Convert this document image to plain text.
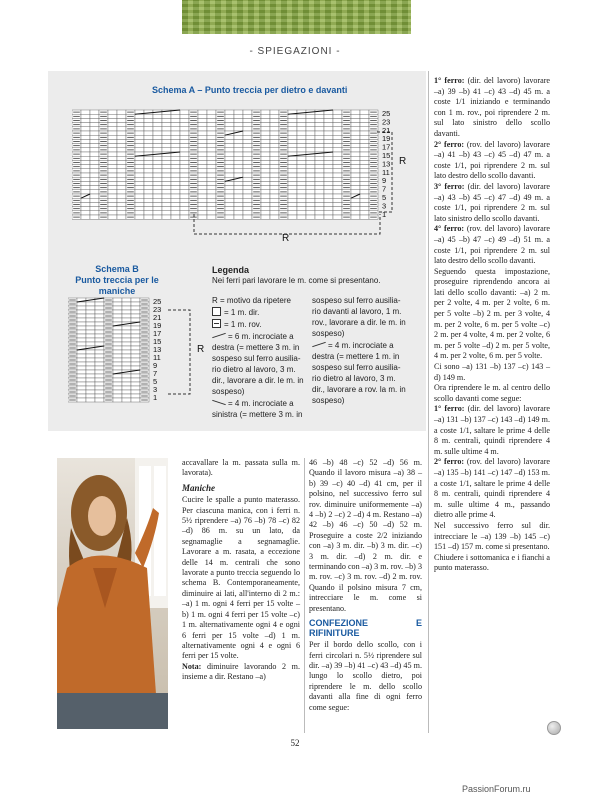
- SPIEGAZIONI -
Schema A – Punto treccia per dietro e davanti
25
23
21
19
17
15
13
11
9
7
5
3
1
R
R
Schema B
Punto treccia per le maniche
25
23
21
19
17
15
13
11
9
7
5
3
1
R
Legenda
Nei ferri pari lavorare le m. come si presentano.
R = motivo da ripetere
= 1 m. dir.
= 1 m. rov.
= 6 m. incrociate a destra (= mettere 3 m. in sospeso sul ferro ausilia- rio dietro al lavoro, 3 m. dir., lavorare a dir. le m. in sospeso)
= 4 m. incrociate a sinistra (= mettere 3 m. in
sospeso sul ferro ausilia- rio davanti al lavoro, 1 m. rov., lavorare a dir. le m. in sospeso)
= 4 m. incrociate a destra (= mettere 1 m. in sospeso sul ferro ausilia- rio dietro al lavoro, 3 m. dir., lavorare a rov. la m. in sospeso)

accavallare la m. passata sulla m. lavorata).

Maniche

Cucire le spalle a punto materasso. Per ciascuna manica, con i ferri n. 5½ riprendere –a) 76 –b) 78 –c) 82 –d) 86 m. su un lato, da segnamaglie a segnamaglie. Lavorare a m. rasata, a eccezione delle 14 m. centrali che sono lavorate a punto treccia seguendo lo schema B. Contemporaneamente, diminuire ai lati, all'interno di 2 m.: –a) 1 m. ogni 4 ferri per 15 volte –b) 1 m. ogni 4 ferri per 15 volte –c) 1 m. alternativamente ogni 4 e ogni 6 ferri per 15 volte –d) 1 m. alternativamente ogni 4 e ogni 6 ferri per 15 volte.

Nota: diminuire lavorando 2 m. insieme a dir. Restano –a)

46 –b) 48 –c) 52 –d) 56 m. Quando il lavoro misura –a) 38 –b) 39 –c) 40 –d) 41 cm, per il polsino, nel successivo ferro sul rov. diminuire uniformemente –a) 4 –b) 2 –c) 2 –d) 4 m. Restano –a) 42 –b) 46 –c) 50 –d) 52 m. Proseguire a coste 2/2 iniziando con –a) 3 m. dir. –b) 3 m. dir. –c) 3 m. dir. –d) 2 m. dir. e terminando con –a) 3 m. rov. –b) 3 m. rov. –c) 3 m. rov. –d) 2 m. rov. Quando il polsino misura 7 cm, intrecciare le m. come si presentano.

CONFEZIONE E RIFINITURE

Per il bordo dello scollo, con i ferri circolari n. 5½ riprendere sul dir. –a) 39 –b) 41 –c) 43 –d) 45 m. lungo lo scollo dietro, poi riprendere le m. dello scollo davanti alla fine di ogni ferro come segue:

1° ferro: (dir. del lavoro) lavorare –a) 39 –b) 41 –c) 43 –d) 45 m. a coste 1/1 iniziando e terminando con 1 m. rov., poi riprendere 2 m. sul lato sinistro dello scollo davanti.

2° ferro: (rov. del lavoro) lavorare –a) 41 –b) 43 –c) 45 –d) 47 m. a coste 1/1, poi riprendere 2 m. sul lato destro dello scollo davanti.

3° ferro: (dir. del lavoro) lavorare –a) 43 –b) 45 –c) 47 –d) 49 m. a coste 1/1, poi riprendere 2 m. sul lato sinistro dello scollo davanti.

4° ferro: (rov. del lavoro) lavorare –a) 45 –b) 47 –c) 49 –d) 51 m. a coste 1/1, poi riprendere 2 m. sul lato destro dello scollo davanti.

Seguendo questa impostazione, proseguire riprendendo ancora ai lati dello scollo davanti: –a) 2 m. per 2 volte, 4 m. per 2 volte, 6 m. per 5 volte –b) 2 m. per 3 volte, 4 m. per 2 volte, 6 m. per 5 volte –c) 2 m. per 4 volte, 4 m. per 2 volte, 6 m. per 5 volte –d) 2 m. per 5 volte, 4 m. per 2 volte, 6 m. per 5 volte.

Ci sono –a) 131 –b) 137 –c) 143 –d) 149 m.

Ora riprendere le m. al centro dello scollo davanti come segue:

1° ferro: (dir. del lavoro) lavorare –a) 131 –b) 137 –c) 143 –d) 149 m. a coste 1/1, saltare le prime 4 delle 8 m. centrali, quindi riprendere 4 m. sulle ultime 4 m.

2° ferro: (rov. del lavoro) lavorare –a) 135 –b) 141 –c) 147 –d) 153 m. a coste 1/1, saltare le prime 4 delle 8 m. centrali, quindi riprendere 4 m. sulle ultime 4 m., passando dietro alle prime 4.

Nel successivo ferro sul dir. intrecciare le –a) 139 –b) 145 –c) 151 –d) 157 m. come si presentano.

Chiudere i sottomanica e i fianchi a punto materasso.

52
PassionForum.ru
